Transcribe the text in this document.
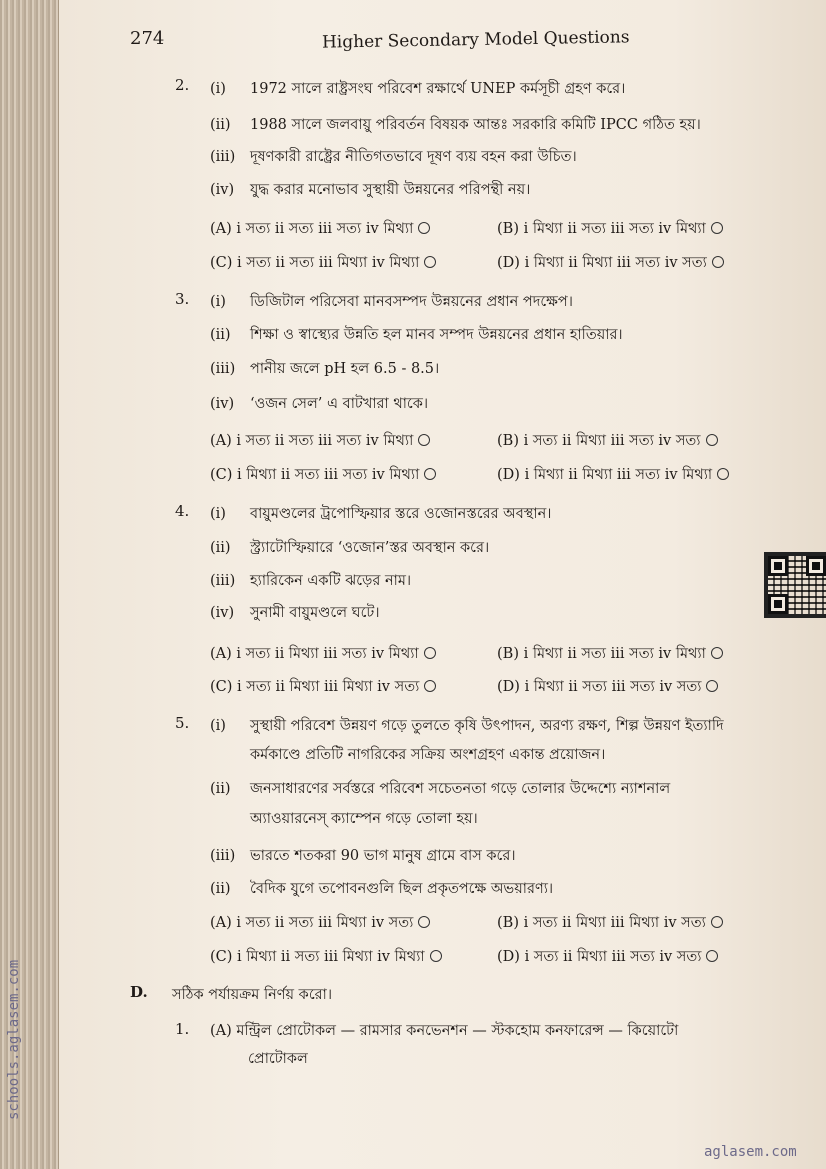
274	Higher Secondary Model Questions
2. (i) 1972 সালে রাষ্ট্রসংঘ পরিবেশ রক্ষার্থে UNEP কর্মসূচী গ্রহণ করে।
(ii) 1988 সালে জলবায়ু পরিবর্তন বিষয়ক আন্তঃ সরকারি কমিটি IPCC গঠিত হয়।
(iii) দূষণকারী রাষ্ট্রের নীতিগতভাবে দূষণ ব্যয় বহন করা উচিত।
(iv) যুদ্ধ করার মনোভাব সুস্থায়ী উন্নয়নের পরিপন্থী নয়।
(A) i সত্য ii সত্য iii সত্য iv মিথ্যা	(B) i মিথ্যা ii সত্য iii সত্য iv মিথ্যা
(C) i সত্য ii সত্য iii মিথ্যা iv মিথ্যা	(D) i মিথ্যা ii মিথ্যা iii সত্য iv সত্য
3. (i) ডিজিটাল পরিসেবা মানবসম্পদ উন্নয়নের প্রধান পদক্ষেপ।
(ii) শিক্ষা ও স্বাস্থ্যের উন্নতি হল মানব সম্পদ উন্নয়নের প্রধান হাতিয়ার।
(iii) পানীয় জলে pH হল 6.5 - 8.5।
(iv) ‘ওজন সেল’ এ বাটখারা থাকে।
(A) i সত্য ii সত্য iii সত্য iv মিথ্যা	(B) i সত্য ii মিথ্যা iii সত্য iv সত্য
(C) i মিথ্যা ii সত্য iii সত্য iv মিথ্যা	(D) i মিথ্যা ii মিথ্যা iii সত্য iv মিথ্যা
4. (i) বায়ুমণ্ডলের ট্রপোস্ফিয়ার স্তরে ওজোনস্তরের অবস্থান।
(ii) স্ট্র্যাটোস্ফিয়ারে ‘ওজোন’স্তর অবস্থান করে।
(iii) হ্যারিকেন একটি ঝড়ের নাম।
(iv) সুনামী বায়ুমণ্ডলে ঘটে।
(A) i সত্য ii মিথ্যা iii সত্য iv মিথ্যা	(B) i মিথ্যা ii সত্য iii সত্য iv মিথ্যা
(C) i সত্য ii মিথ্যা iii মিথ্যা iv সত্য	(D) i মিথ্যা ii সত্য iii সত্য iv সত্য
5. (i) সুস্থায়ী পরিবেশ উন্নয়ণ গড়ে তুলতে কৃষি উৎপাদন, অরণ্য রক্ষণ, শিল্প উন্নয়ণ ইত্যাদি
কর্মকাণ্ডে প্রতিটি নাগরিকের সক্রিয় অংশগ্রহণ একান্ত প্রয়োজন।
(ii) জনসাধারণের সর্বস্তরে পরিবেশ সচেতনতা গড়ে তোলার উদ্দেশ্যে ন্যাশনাল
অ্যাওয়ারনেস্ ক্যাম্পেন গড়ে তোলা হয়।
(iii) ভারতে শতকরা 90 ভাগ মানুষ গ্রামে বাস করে।
(ii) বৈদিক যুগে তপোবনগুলি ছিল প্রকৃতপক্ষে অভয়ারণ্য।
(A) i সত্য ii সত্য iii মিথ্যা iv সত্য	(B) i সত্য ii মিথ্যা iii মিথ্যা iv সত্য
(C) i মিথ্যা ii সত্য iii মিথ্যা iv মিথ্যা	(D) i সত্য ii মিথ্যা iii সত্য iv সত্য
D. সঠিক পর্যায়ক্রম নির্ণয় করো।
1. (A) মন্ট্রিল প্রোটোকল — রামসার কনভেনশন — স্টকহোম কনফারেন্স — কিয়োটো
প্রোটোকল
schools.aglasem.com
aglasem.com
